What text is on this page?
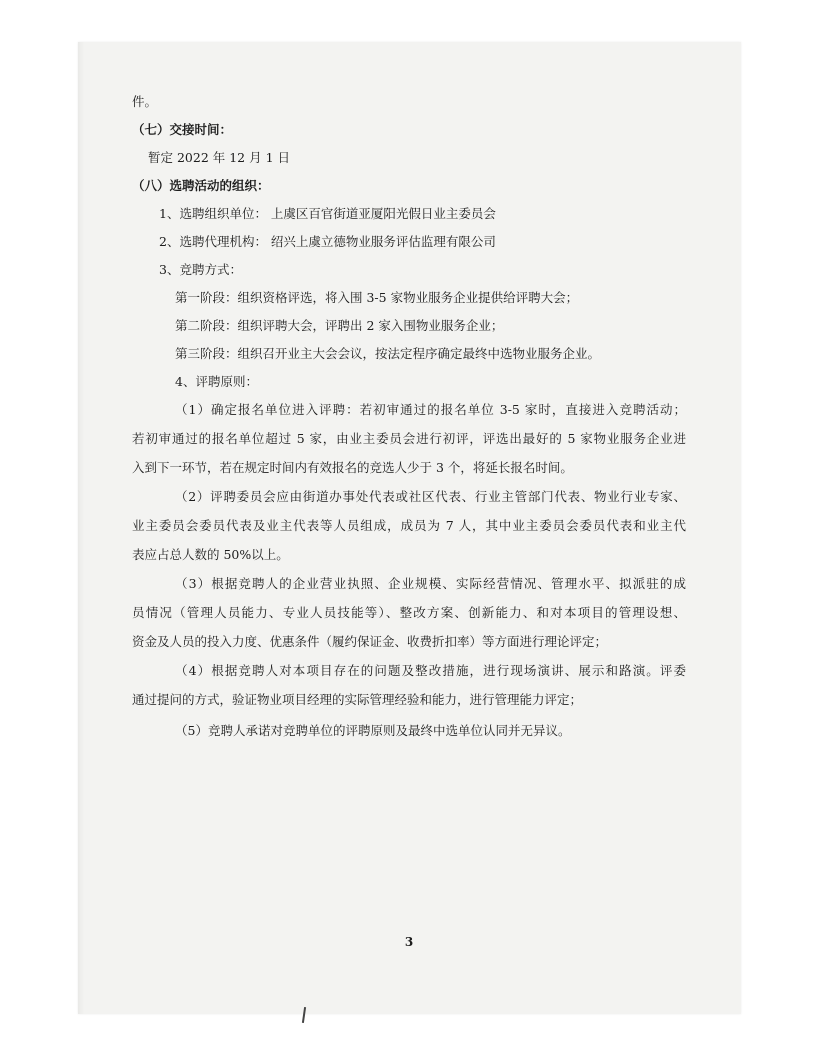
件。
（七）交接时间：
暂定 2022 年 12 月 1 日
（八）选聘活动的组织：
1、选聘组织单位： 上虞区百官街道亚厦阳光假日业主委员会
2、选聘代理机构： 绍兴上虞立德物业服务评估监理有限公司
3、竞聘方式：
第一阶段：组织资格评选，将入围 3-5 家物业服务企业提供给评聘大会；
第二阶段：组织评聘大会，评聘出 2 家入围物业服务企业；
第三阶段：组织召开业主大会会议，按法定程序确定最终中选物业服务企业。
4、评聘原则：
（1）确定报名单位进入评聘：若初审通过的报名单位 3-5 家时，直接进入竞聘活动；
若初审通过的报名单位超过 5 家，由业主委员会进行初评，评选出最好的 5 家物业服务企业进
入到下一环节，若在规定时间内有效报名的竞选人少于 3 个，将延长报名时间。
（2）评聘委员会应由街道办事处代表或社区代表、行业主管部门代表、物业行业专家、
业主委员会委员代表及业主代表等人员组成，成员为 7 人，其中业主委员会委员代表和业主代
表应占总人数的 50%以上。
（3）根据竞聘人的企业营业执照、企业规模、实际经营情况、管理水平、拟派驻的成
员情况（管理人员能力、专业人员技能等）、整改方案、创新能力、和对本项目的管理设想、
资金及人员的投入力度、优惠条件（履约保证金、收费折扣率）等方面进行理论评定；
（4）根据竞聘人对本项目存在的问题及整改措施，进行现场演讲、展示和路演。评委
通过提问的方式，验证物业项目经理的实际管理经验和能力，进行管理能力评定；
（5）竞聘人承诺对竞聘单位的评聘原则及最终中选单位认同并无异议。
3
